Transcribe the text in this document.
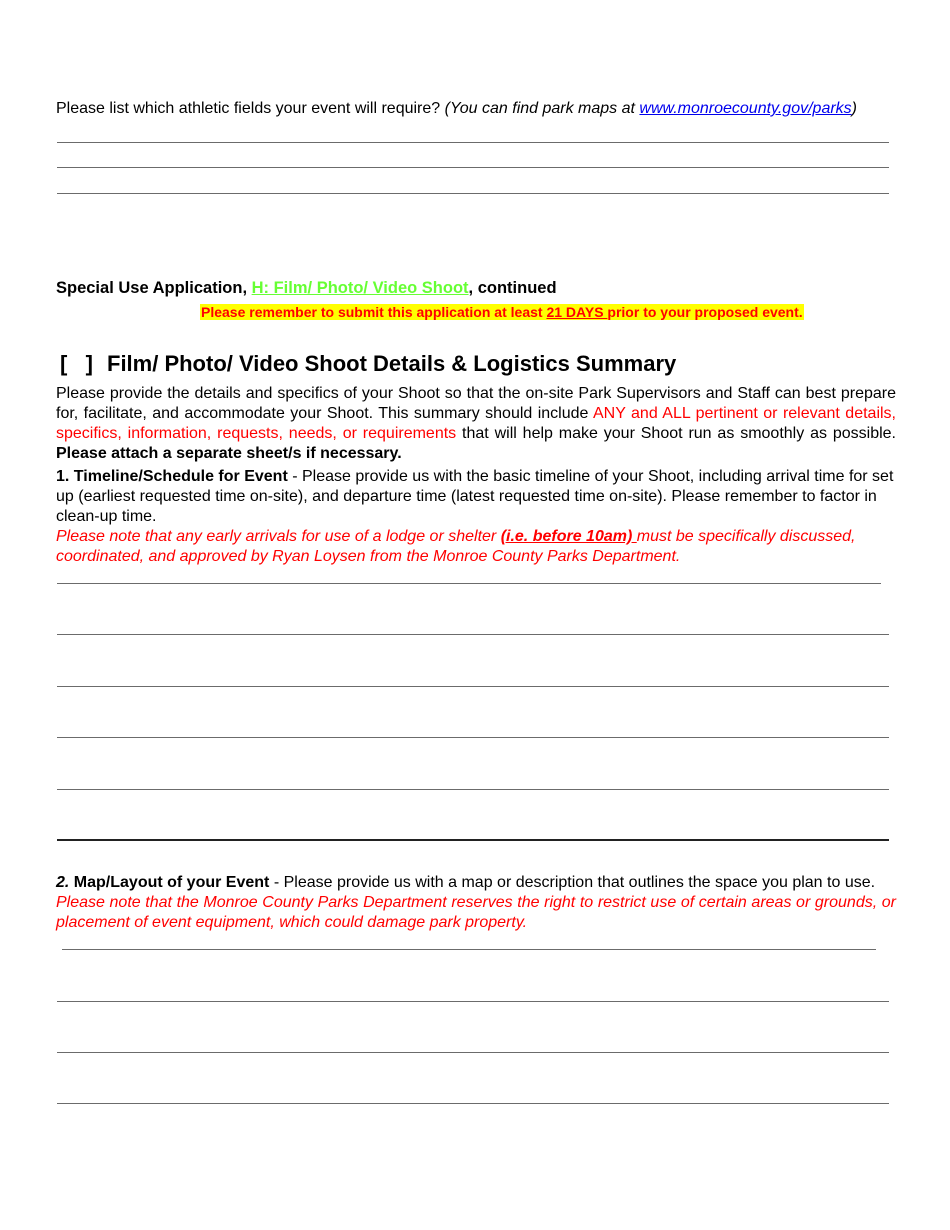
Please list which athletic fields your event will require? (You can find park maps at www.monroecounty.gov/parks)
Special Use Application, H: Film/ Photo/ Video Shoot, continued
Please remember to submit this application at least 21 DAYS prior to your proposed event.
[   ] Film/ Photo/ Video Shoot Details & Logistics Summary
Please provide the details and specifics of your Shoot so that the on-site Park Supervisors and Staff can best prepare for, facilitate, and accommodate your Shoot. This summary should include ANY and ALL pertinent or relevant details, specifics, information, requests, needs, or requirements that will help make your Shoot run as smoothly as possible. Please attach a separate sheet/s if necessary.
1. Timeline/Schedule for Event - Please provide us with the basic timeline of your Shoot, including arrival time for set up (earliest requested time on-site), and departure time (latest requested time on-site). Please remember to factor in clean-up time.
Please note that any early arrivals for use of a lodge or shelter (i.e. before 10am) must be specifically discussed, coordinated, and approved by Ryan Loysen from the Monroe County Parks Department.
2. Map/Layout of your Event - Please provide us with a map or description that outlines the space you plan to use.
Please note that the Monroe County Parks Department reserves the right to restrict use of certain areas or grounds, or placement of event equipment, which could damage park property.
